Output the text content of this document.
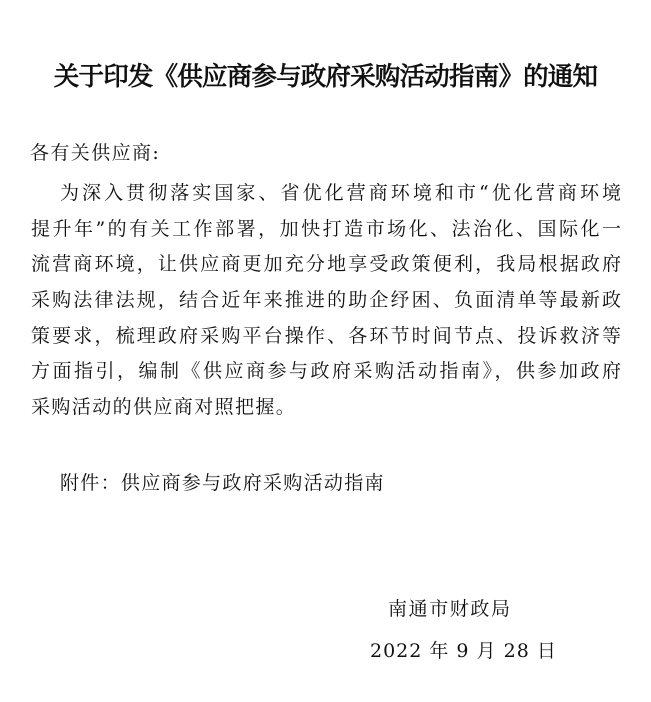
关于印发《供应商参与政府采购活动指南》的通知
各有关供应商:
为深入贯彻落实国家、省优化营商环境和市“优化营商环境
提升年”的有关工作部署，加快打造市场化、法治化、国际化一
流营商环境，让供应商更加充分地享受政策便利，我局根据政府
采购法律法规，结合近年来推进的助企纾困、负面清单等最新政
策要求，梳理政府采购平台操作、各环节时间节点、投诉救济等
方面指引，编制《供应商参与政府采购活动指南》，供参加政府
采购活动的供应商对照把握。
附件：供应商参与政府采购活动指南
南通市财政局
2022 年 9 月 28 日
